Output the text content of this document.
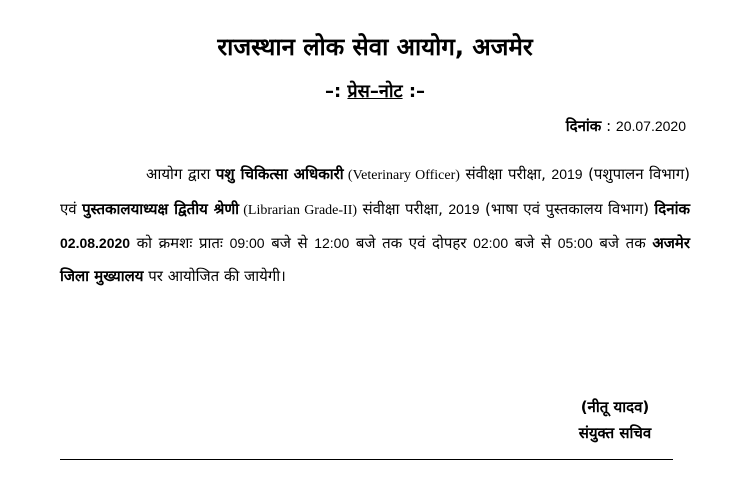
राजस्थान लोक सेवा आयोग, अजमेर
–: प्रेस–नोट :–
दिनांक : 20.07.2020

आयोग द्वारा पशु चिकित्सा अधिकारी (Veterinary Officer) संवीक्षा परीक्षा, 2019 (पशुपालन विभाग) एवं पुस्तकालयाध्यक्ष द्वितीय श्रेणी (Librarian Grade-II) संवीक्षा परीक्षा, 2019 (भाषा एवं पुस्तकालय विभाग) दिनांक 02.08.2020 को क्रमशः प्रातः 09:00 बजे से 12:00 बजे तक एवं दोपहर 02:00 बजे से 05:00 बजे तक अजमेर जिला मुख्यालय पर आयोजित की जायेगी।

(नीतू यादव)
संयुक्त सचिव
